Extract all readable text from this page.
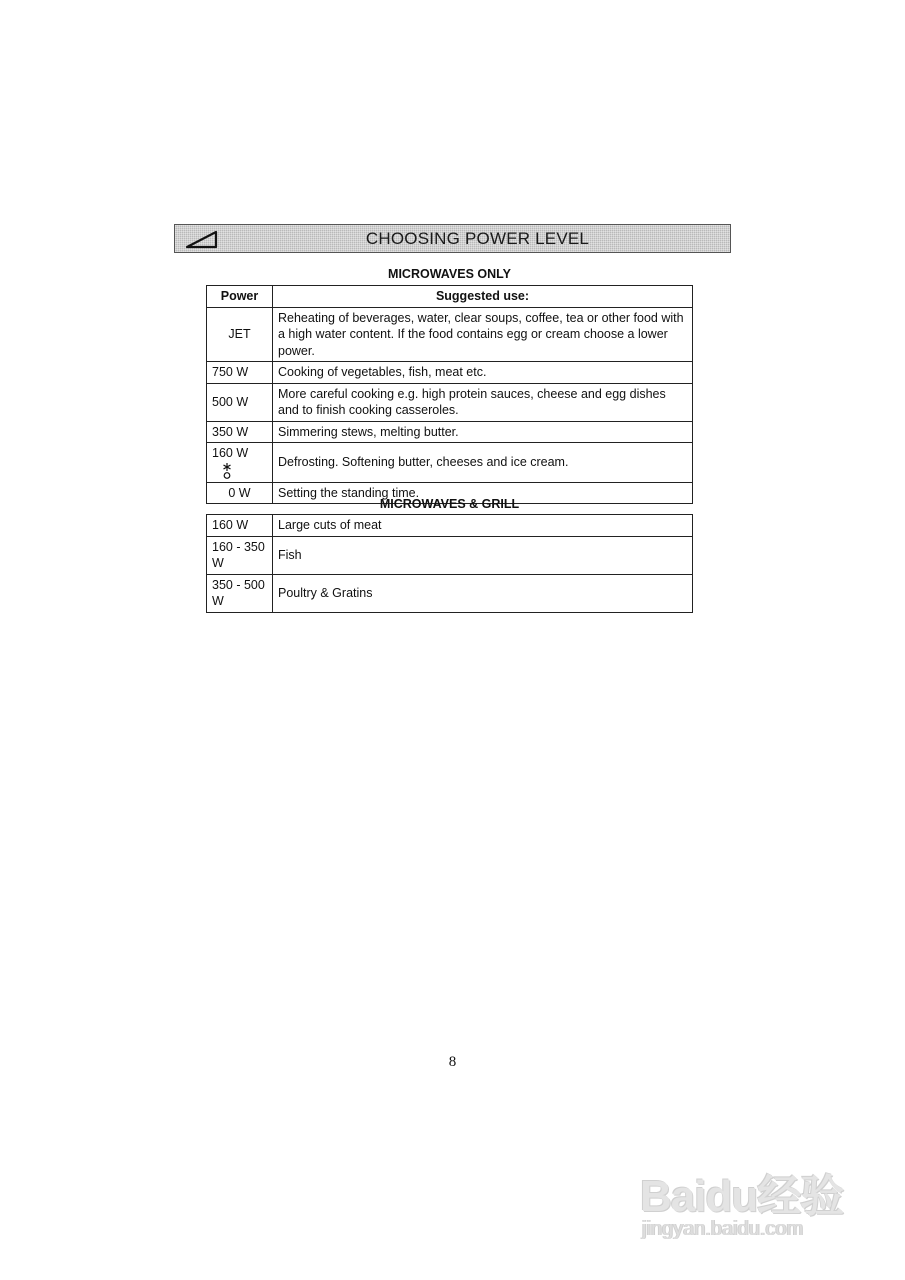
CHOOSING POWER LEVEL
MICROWAVES ONLY
Power	Suggested use:
JET	Reheating of beverages, water, clear soups, coffee, tea or other food with a high water content. If the food contains egg or cream choose a lower power.
750 W	Cooking of vegetables, fish, meat etc.
500 W	More careful cooking e.g. high protein sauces, cheese and egg dishes and to finish cooking casseroles.
350 W	Simmering stews, melting butter.
160 W	Defrosting. Softening butter, cheeses and ice cream.
0 W	Setting the standing time.
MICROWAVES & GRILL
160 W	Large cuts of meat
160 - 350 W	Fish
350 - 500 W	Poultry & Gratins
8
Baidu经验
jingyan.baidu.com
